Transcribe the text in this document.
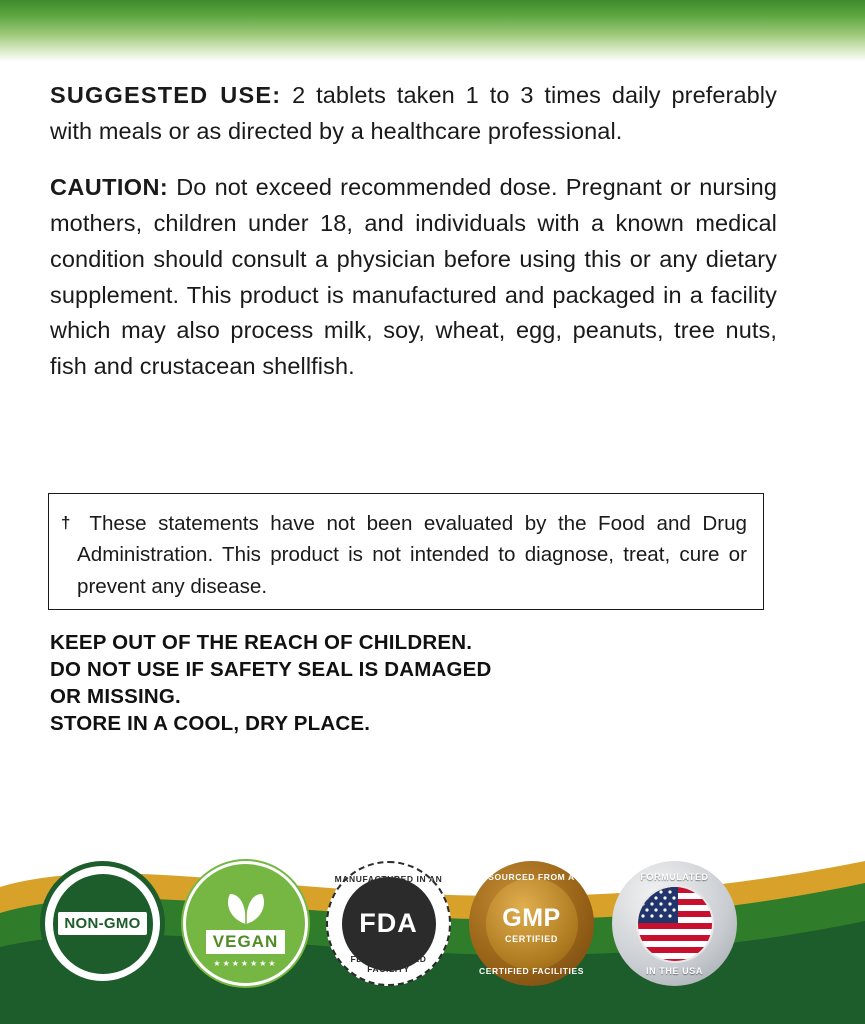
SUGGESTED USE: 2 tablets taken 1 to 3 times daily preferably with meals or as directed by a healthcare professional.

CAUTION: Do not exceed recommended dose. Pregnant or nursing mothers, children under 18, and individuals with a known medical condition should consult a physician before using this or any dietary supplement. This product is manufactured and packaged in a facility which may also process milk, soy, wheat, egg, peanuts, tree nuts, fish and crustacean shellfish.

† These statements have not been evaluated by the Food and Drug Administration. This product is not intended to diagnose, treat, cure or prevent any disease.

KEEP OUT OF THE REACH OF CHILDREN.
DO NOT USE IF SAFETY SEAL IS DAMAGED
OR MISSING.
STORE IN A COOL, DRY PLACE.
NON-GMO
VEGAN
★★★★★★★
MANUFACTURED IN AN
FDA
FDA INSPECTED FACILITY
SOURCED FROM A
GMP
CERTIFIED
CERTIFIED FACILITIES
FORMULATED
IN THE USA
